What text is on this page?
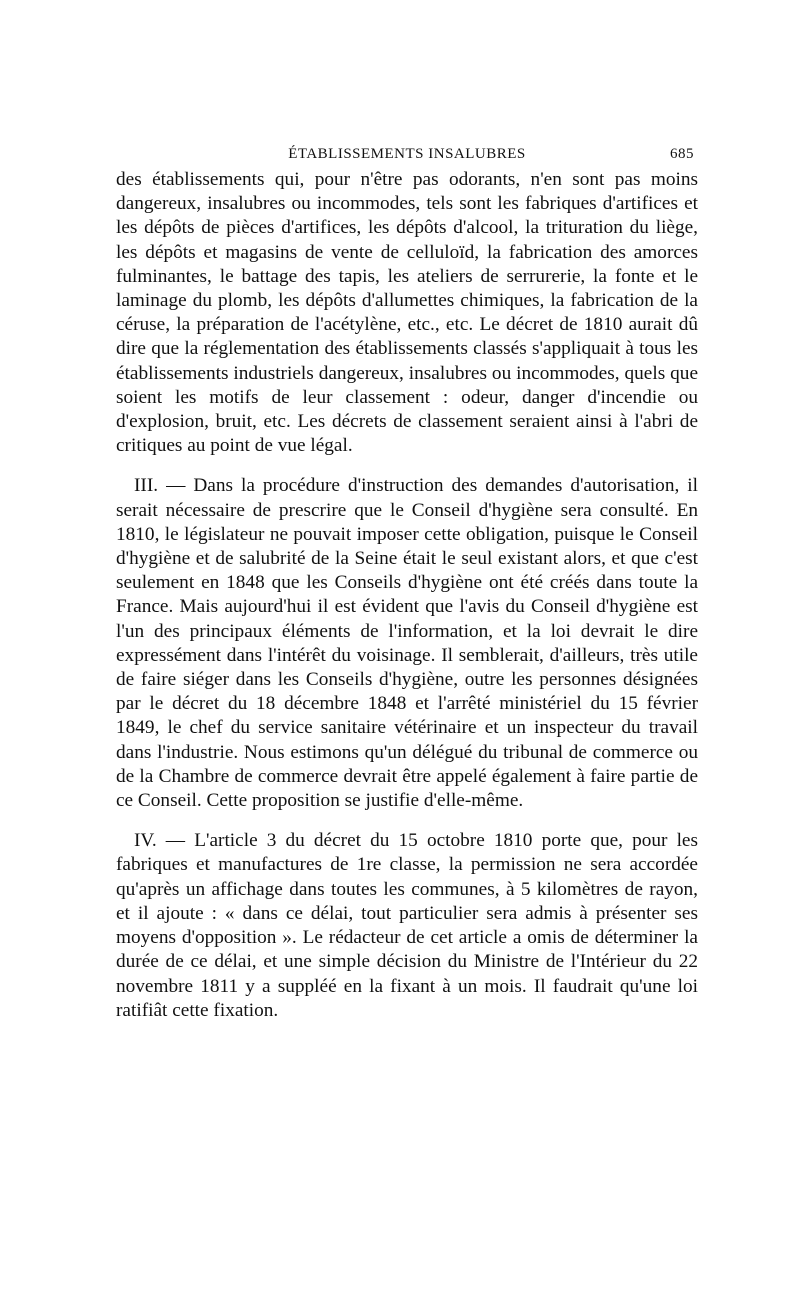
ÉTABLISSEMENTS INSALUBRES	685

des établissements qui, pour n'être pas odorants, n'en sont pas moins dangereux, insalubres ou incommodes, tels sont les fabriques d'artifices et les dépôts de pièces d'artifices, les dépôts d'alcool, la trituration du liège, les dépôts et magasins de vente de celluloïd, la fabrication des amorces fulminantes, le battage des tapis, les ateliers de serrurerie, la fonte et le laminage du plomb, les dépôts d'allumettes chimiques, la fabrication de la céruse, la préparation de l'acétylène, etc., etc. Le décret de 1810 aurait dû dire que la réglementation des établissements classés s'appliquait à tous les établissements industriels dangereux, insalubres ou incommodes, quels que soient les motifs de leur classement : odeur, danger d'incendie ou d'explosion, bruit, etc. Les décrets de classement seraient ainsi à l'abri de critiques au point de vue légal.

III. — Dans la procédure d'instruction des demandes d'autorisation, il serait nécessaire de prescrire que le Conseil d'hygiène sera consulté. En 1810, le législateur ne pouvait imposer cette obligation, puisque le Conseil d'hygiène et de salubrité de la Seine était le seul existant alors, et que c'est seulement en 1848 que les Conseils d'hygiène ont été créés dans toute la France. Mais aujourd'hui il est évident que l'avis du Conseil d'hygiène est l'un des principaux éléments de l'information, et la loi devrait le dire expressément dans l'intérêt du voisinage. Il semblerait, d'ailleurs, très utile de faire siéger dans les Conseils d'hygiène, outre les personnes désignées par le décret du 18 décembre 1848 et l'arrêté ministériel du 15 février 1849, le chef du service sanitaire vétérinaire et un inspecteur du travail dans l'industrie. Nous estimons qu'un délégué du tribunal de commerce ou de la Chambre de commerce devrait être appelé également à faire partie de ce Conseil. Cette proposition se justifie d'elle-même.

IV. — L'article 3 du décret du 15 octobre 1810 porte que, pour les fabriques et manufactures de 1re classe, la permission ne sera accordée qu'après un affichage dans toutes les communes, à 5 kilomètres de rayon, et il ajoute : « dans ce délai, tout particulier sera admis à présenter ses moyens d'opposition ». Le rédacteur de cet article a omis de déterminer la durée de ce délai, et une simple décision du Ministre de l'Intérieur du 22 novembre 1811 y a suppléé en la fixant à un mois. Il faudrait qu'une loi ratifiât cette fixation.
